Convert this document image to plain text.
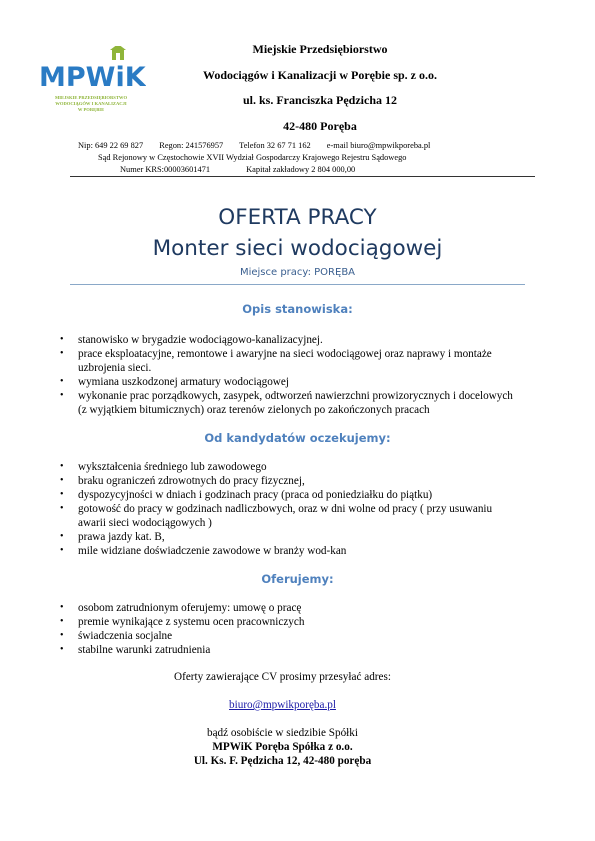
MPWiK
MIEJSKIE PRZEDSIĘBIORSTWO
WODOCIĄGÓW I KANALIZACJI
W PORĘBIE
Miejskie Przedsiębiorstwo
Wodociągów i Kanalizacji w Porębie sp. z o.o.
ul. ks. Franciszka Pędzicha 12
42-480 Poręba
Nip: 649 22 69 827 Regon: 241576957 Telefon 32 67 71 162 e-mail biuro@mpwikporeba.pl
Sąd Rejonowy w Częstochowie XVII Wydział Gospodarczy Krajowego Rejestru Sądowego
Numer KRS:00003601471	Kapitał zakładowy 2 804 000,00
OFERTA PRACY
Monter sieci wodociągowej
Miejsce pracy: PORĘBA
Opis stanowiska:
• stanowisko w brygadzie wodociągowo-kanalizacyjnej.
• prace eksploatacyjne, remontowe i awaryjne na sieci wodociągowej oraz naprawy i montaże uzbrojenia sieci.
• wymiana uszkodzonej armatury wodociągowej
• wykonanie prac porządkowych, zasypek, odtworzeń nawierzchni prowizorycznych i docelowych (z wyjątkiem bitumicznych) oraz terenów zielonych po zakończonych pracach
Od kandydatów oczekujemy:
• wykształcenia średniego lub zawodowego
• braku ograniczeń zdrowotnych do pracy fizycznej,
• dyspozycyjności w dniach i godzinach pracy (praca od poniedziałku do piątku)
• gotowość do pracy w godzinach nadliczbowych, oraz w dni wolne od pracy ( przy usuwaniu awarii sieci wodociągowych )
• prawa jazdy kat. B,
• mile widziane doświadczenie zawodowe w branży wod-kan
Oferujemy:
• osobom zatrudnionym oferujemy: umowę o pracę
• premie wynikające z systemu ocen pracowniczych
• świadczenia socjalne
• stabilne warunki zatrudnienia
Oferty zawierające CV prosimy przesyłać adres:
biuro@mpwikporęba.pl
bądź osobiście w siedzibie Spółki
MPWiK Poręba Spółka z o.o.
Ul. Ks. F. Pędzicha 12, 42-480 poręba
